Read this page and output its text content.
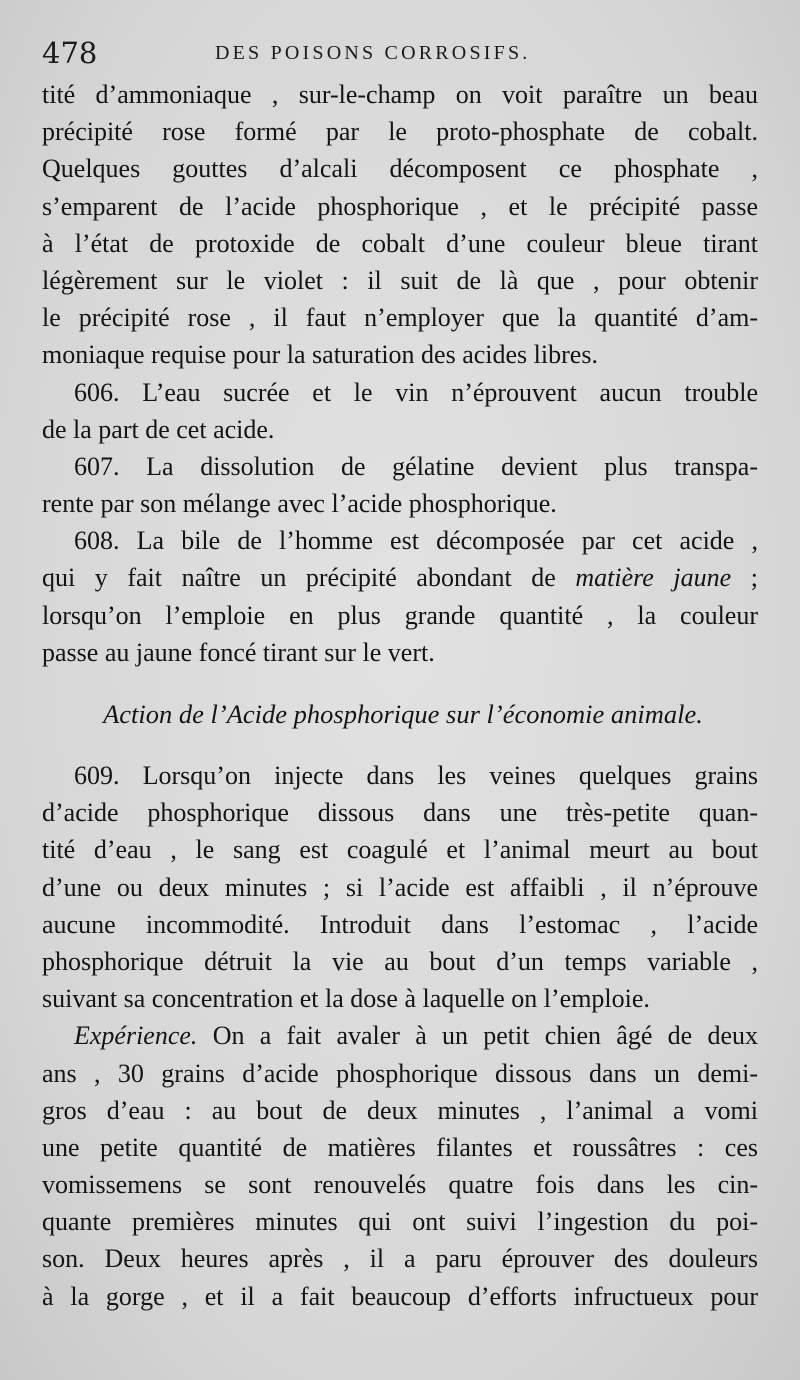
478	DES POISONS CORROSIFS.
tité d’ammoniaque , sur-le-champ on voit paraître un beau
précipité rose formé par le proto-phosphate de cobalt.
Quelques gouttes d’alcali décomposent ce phosphate ,
s’emparent de l’acide phosphorique , et le précipité passe
à l’état de protoxide de cobalt d’une couleur bleue tirant
légèrement sur le violet : il suit de là que , pour obtenir
le précipité rose , il faut n’employer que la quantité d’am-
moniaque requise pour la saturation des acides libres.
606. L’eau sucrée et le vin n’éprouvent aucun trouble
de la part de cet acide.
607. La dissolution de gélatine devient plus transpa-
rente par son mélange avec l’acide phosphorique.
608. La bile de l’homme est décomposée par cet acide ,
qui y fait naître un précipité abondant de matière jaune ;
lorsqu’on l’emploie en plus grande quantité , la couleur
passe au jaune foncé tirant sur le vert.
Action de l’Acide phosphorique sur l’économie animale.
609. Lorsqu’on injecte dans les veines quelques grains
d’acide phosphorique dissous dans une très-petite quan-
tité d’eau , le sang est coagulé et l’animal meurt au bout
d’une ou deux minutes ; si l’acide est affaibli , il n’éprouve
aucune incommodité. Introduit dans l’estomac , l’acide
phosphorique détruit la vie au bout d’un temps variable ,
suivant sa concentration et la dose à laquelle on l’emploie.
Expérience. On a fait avaler à un petit chien âgé de deux
ans , 30 grains d’acide phosphorique dissous dans un demi-
gros d’eau : au bout de deux minutes , l’animal a vomi
une petite quantité de matières filantes et roussâtres : ces
vomissemens se sont renouvelés quatre fois dans les cin-
quante premières minutes qui ont suivi l’ingestion du poi-
son. Deux heures après , il a paru éprouver des douleurs
à la gorge , et il a fait beaucoup d’efforts infructueux pour
